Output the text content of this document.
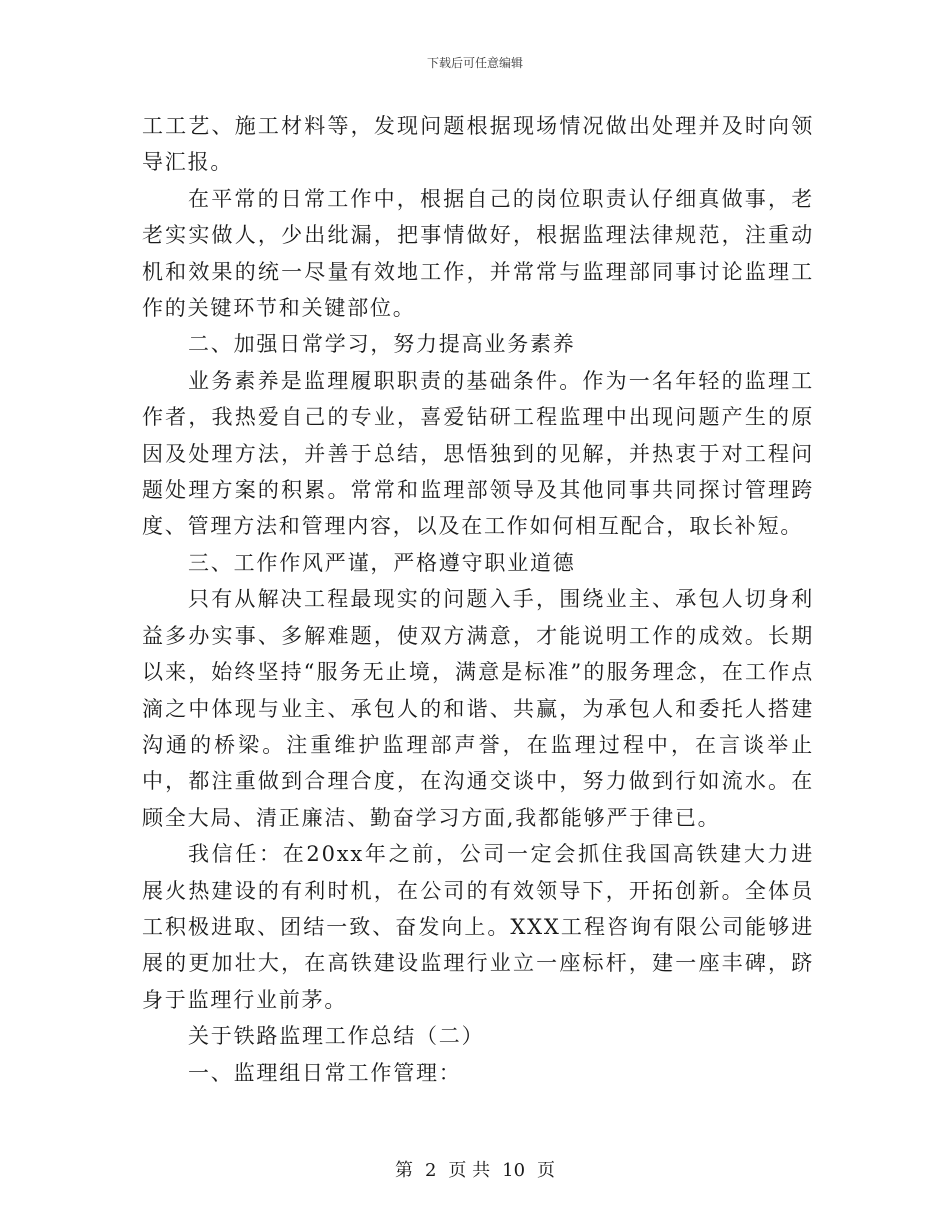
下载后可任意编辑

工工艺、施工材料等，发现问题根据现场情况做出处理并及时向领导汇报。

在平常的日常工作中，根据自己的岗位职责认仔细真做事，老老实实做人，少出纰漏，把事情做好，根据监理法律规范，注重动机和效果的统一尽量有效地工作，并常常与监理部同事讨论监理工作的关键环节和关键部位。

二、加强日常学习，努力提高业务素养

业务素养是监理履职职责的基础条件。作为一名年轻的监理工作者，我热爱自己的专业，喜爱钻研工程监理中出现问题产生的原因及处理方法，并善于总结，思悟独到的见解，并热衷于对工程问题处理方案的积累。常常和监理部领导及其他同事共同探讨管理跨度、管理方法和管理内容，以及在工作如何相互配合，取长补短。

三、工作作风严谨，严格遵守职业道德

只有从解决工程最现实的问题入手，围绕业主、承包人切身利益多办实事、多解难题，使双方满意，才能说明工作的成效。长期以来，始终坚持“服务无止境，满意是标准”的服务理念，在工作点滴之中体现与业主、承包人的和谐、共赢，为承包人和委托人搭建沟通的桥梁。注重维护监理部声誉，在监理过程中，在言谈举止中，都注重做到合理合度，在沟通交谈中，努力做到行如流水。在顾全大局、清正廉洁、勤奋学习方面,我都能够严于律已。

我信任：在20xx年之前，公司一定会抓住我国高铁建大力进展火热建设的有利时机，在公司的有效领导下，开拓创新。全体员工积极进取、团结一致、奋发向上。XXX工程咨询有限公司能够进展的更加壮大，在高铁建设监理行业立一座标杆，建一座丰碑，跻身于监理行业前茅。

关于铁路监理工作总结（二）

一、监理组日常工作管理：

第 2 页 共 10 页
